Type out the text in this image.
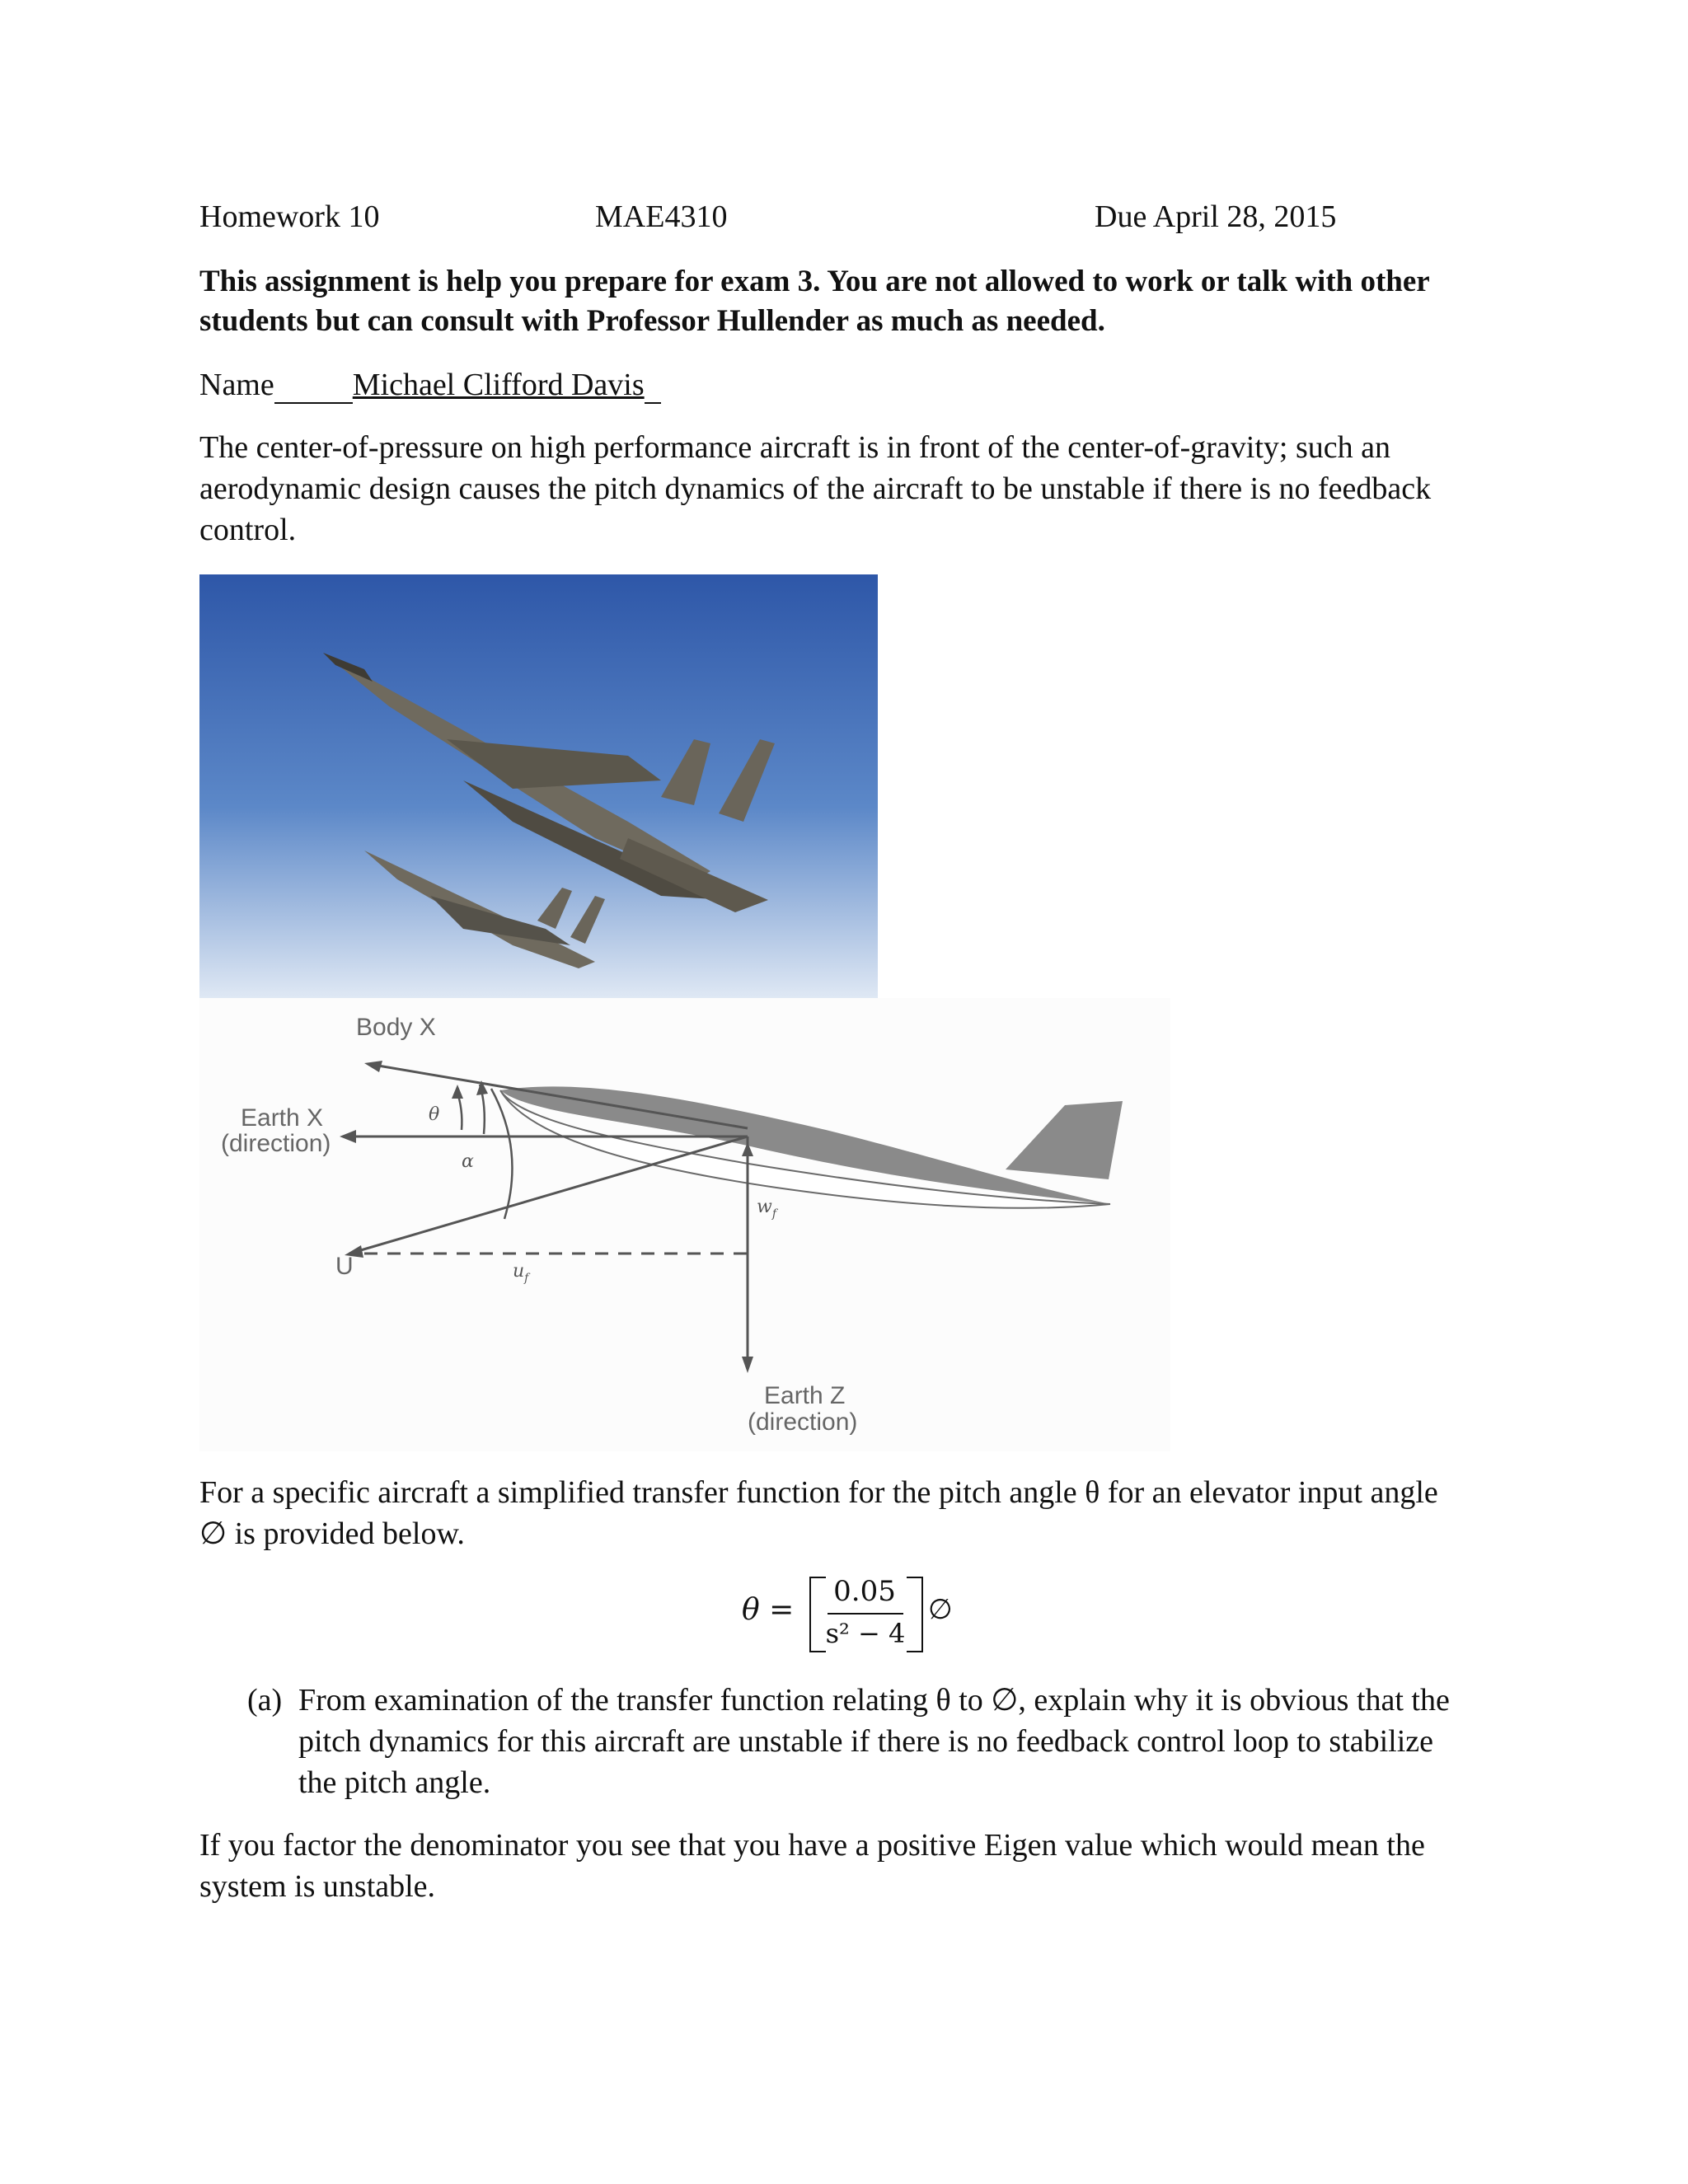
Homework 10	MAE4310	Due April 28, 2015
This assignment is help you prepare for exam 3. You are not allowed to work or talk with other students but can consult with Professor Hullender as much as needed.
Name	Michael Clifford Davis
The center-of-pressure on high performance aircraft is in front of the center-of-gravity; such an aerodynamic design causes the pitch dynamics of the aircraft to be unstable if there is no feedback control.
Body X
Earth X
(direction)
θ
α
$w_f$
$u_f$
U
Earth Z
(direction)
For a specific aircraft a simplified transfer function for the pitch angle θ for an elevator input angle ∅ is provided below.
θ =
0.05
s² − 4
∅
(a) From examination of the transfer function relating θ to ∅, explain why it is obvious that the pitch dynamics for this aircraft are unstable if there is no feedback control loop to stabilize the pitch angle.
If you factor the denominator you see that you have a positive Eigen value which would mean the system is unstable.
